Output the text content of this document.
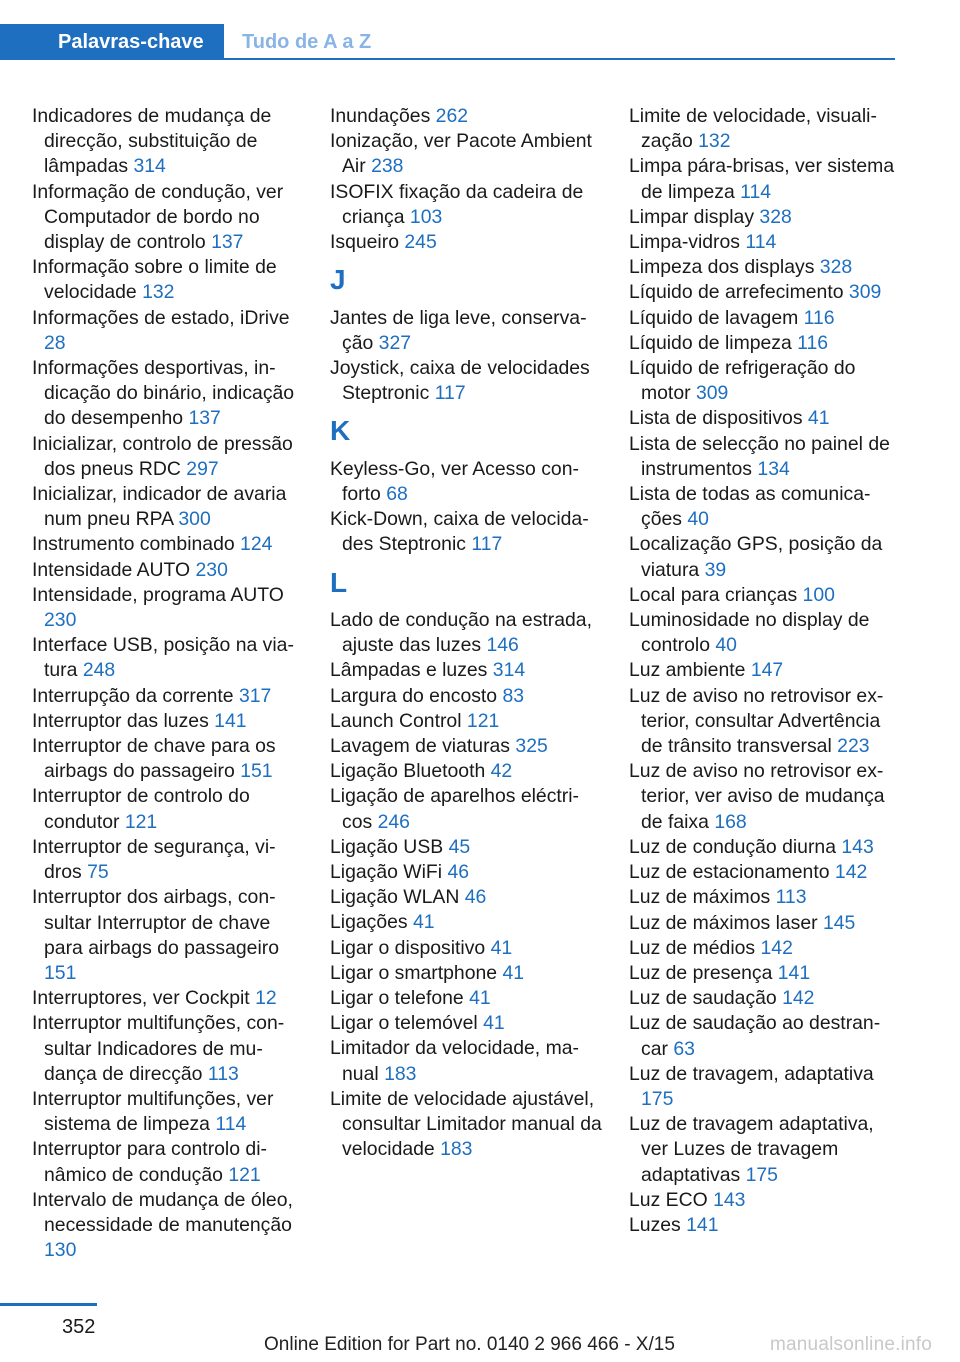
Palavras-chave	Tudo de A a Z
Indicadores de mudança de direcção, substituição de lâmpadas 314
Informação de condução, ver Computador de bordo no display de controlo 137
Informação sobre o limite de velocidade 132
Informações de estado, iDrive 28
Informações desportivas, indicação do binário, indicação do desempenho 137
Inicializar, controlo de pressão dos pneus RDC 297
Inicializar, indicador de avaria num pneu RPA 300
Instrumento combinado 124
Intensidade AUTO 230
Intensidade, programa AUTO 230
Interface USB, posição na viatura 248
Interrupção da corrente 317
Interruptor das luzes 141
Interruptor de chave para os airbags do passageiro 151
Interruptor de controlo do condutor 121
Interruptor de segurança, vidros 75
Interruptor dos airbags, consultar Interruptor de chave para airbags do passageiro 151
Interruptores, ver Cockpit 12
Interruptor multifunções, consultar Indicadores de mudança de direcção 113
Interruptor multifunções, ver sistema de limpeza 114
Interruptor para controlo dinâmico de condução 121
Intervalo de mudança de óleo, necessidade de manutenção 130
Inundações 262
Ionização, ver Pacote Ambient Air 238
ISOFIX fixação da cadeira de criança 103
Isqueiro 245
J
Jantes de liga leve, conservação 327
Joystick, caixa de velocidades Steptronic 117
K
Keyless-Go, ver Acesso conforto 68
Kick-Down, caixa de velocidades Steptronic 117
L
Lado de condução na estrada, ajuste das luzes 146
Lâmpadas e luzes 314
Largura do encosto 83
Launch Control 121
Lavagem de viaturas 325
Ligação Bluetooth 42
Ligação de aparelhos eléctricos 246
Ligação USB 45
Ligação WiFi 46
Ligação WLAN 46
Ligações 41
Ligar o dispositivo 41
Ligar o smartphone 41
Ligar o telefone 41
Ligar o telemóvel 41
Limitador da velocidade, manual 183
Limite de velocidade ajustável, consultar Limitador manual da velocidade 183
Limite de velocidade, visualização 132
Limpa pára-brisas, ver sistema de limpeza 114
Limpar display 328
Limpa-vidros 114
Limpeza dos displays 328
Líquido de arrefecimento 309
Líquido de lavagem 116
Líquido de limpeza 116
Líquido de refrigeração do motor 309
Lista de dispositivos 41
Lista de selecção no painel de instrumentos 134
Lista de todas as comunicações 40
Localização GPS, posição da viatura 39
Local para crianças 100
Luminosidade no display de controlo 40
Luz ambiente 147
Luz de aviso no retrovisor exterior, consultar Advertência de trânsito transversal 223
Luz de aviso no retrovisor exterior, ver aviso de mudança de faixa 168
Luz de condução diurna 143
Luz de estacionamento 142
Luz de máximos 113
Luz de máximos laser 145
Luz de médios 142
Luz de presença 141
Luz de saudação 142
Luz de saudação ao destrancar 63
Luz de travagem, adaptativa 175
Luz de travagem adaptativa, ver Luzes de travagem adaptativas 175
Luz ECO 143
Luzes 141
352
Online Edition for Part no. 0140 2 966 466 - X/15	manualsonline.info
